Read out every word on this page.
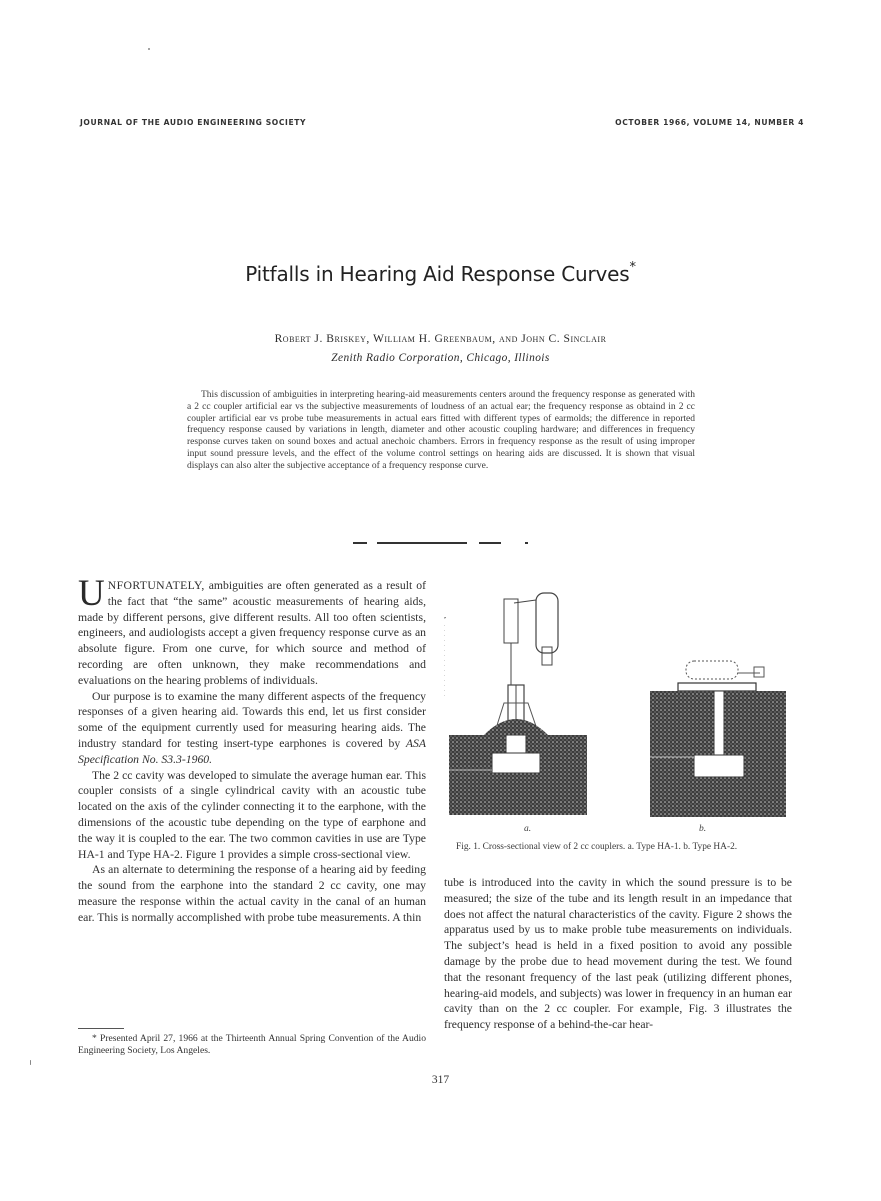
JOURNAL OF THE AUDIO ENGINEERING SOCIETY	OCTOBER 1966, VOLUME 14, NUMBER 4
Pitfalls in Hearing Aid Response Curves*
Robert J. Briskey, William H. Greenbaum, and John C. Sinclair
Zenith Radio Corporation, Chicago, Illinois
This discussion of ambiguities in interpreting hearing-aid measurements centers around the frequency response as generated with a 2 cc coupler artificial ear vs the subjective measurements of loudness of an actual ear; the frequency response as obtaind in 2 cc coupler artificial ear vs probe tube measurements in actual ears fitted with different types of earmolds; the difference in reported frequency response caused by variations in length, diameter and other acoustic coupling hardware; and differences in frequency response curves taken on sound boxes and actual anechoic chambers. Errors in frequency response as the result of using improper input sound pressure levels, and the effect of the volume control settings on hearing aids are discussed. It is shown that visual displays can also alter the subjective acceptance of a frequency response curve.

UNFORTUNATELY, ambiguities are often generated as a result of the fact that “the same” acoustic measurements of hearing aids, made by different persons, give different results. All too often scientists, engineers, and audiologists accept a given frequency response curve as an absolute figure. From one curve, for which source and method of recording are often unknown, they make recommendations and evaluations on the hearing problems of individuals.

Our purpose is to examine the many different aspects of the frequency responses of a given hearing aid. Towards this end, let us first consider some of the equipment currently used for measuring hearing aids. The industry standard for testing insert-type earphones is covered by ASA Specification No. S3.3-1960.

The 2 cc cavity was developed to simulate the average human ear. This coupler consists of a single cylindrical cavity with an acoustic tube located on the axis of the cylinder connecting it to the earphone, with the dimensions of the acoustic tube depending on the type of earphone and the way it is coupled to the ear. The two common cavities in use are Type HA-1 and Type HA-2. Figure 1 provides a simple cross-sectional view.

As an alternate to determining the response of a hearing aid by feeding the sound from the earphone into the standard 2 cc cavity, one may measure the response within the actual cavity in the canal of an human ear. This is normally accomplished with probe tube measurements. A thin

* Presented April 27, 1966 at the Thirteenth Annual Spring Convention of the Audio Engineering Society, Los Angeles.
a.	b.
Fig. 1. Cross-sectional view of 2 cc couplers. a. Type HA-1. b. Type HA-2.

tube is introduced into the cavity in which the sound pressure is to be measured; the size of the tube and its length result in an impedance that does not affect the natural characteristics of the cavity. Figure 2 shows the apparatus used by us to make proble tube measurements on individuals. The subject’s head is held in a fixed position to avoid any possible damage by the probe due to head movement during the test. We found that the resonant frequency of the last peak (utilizing different phones, hearing-aid models, and subjects) was lower in frequency in an human ear cavity than on the 2 cc coupler. For example, Fig. 3 illustrates the frequency response of a behind-the-car hear-

317
